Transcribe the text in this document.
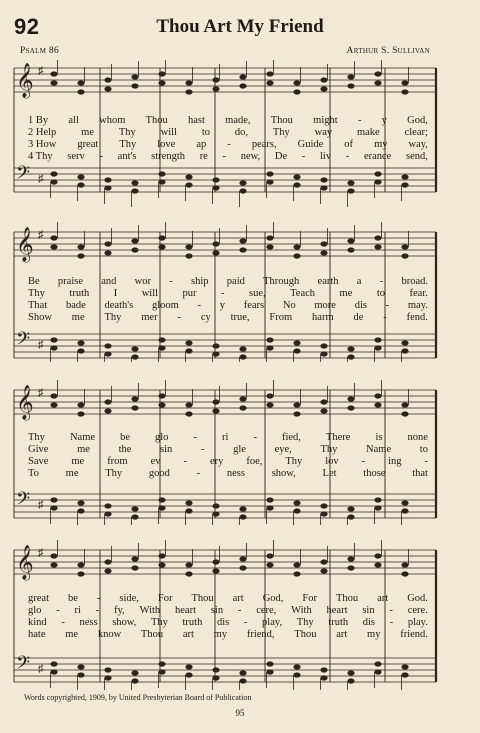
92	Thou Art My Friend
Psalm 86	Arthur S. Sullivan
𝄞 ♯
𝄢 ♯
1 By all whom Thou hast made, Thou might - y God,
2 Help me Thy will to do, Thy way make clear;
3 How great Thy love ap - pears, Guide of my way,
4 Thy serv - ant's strength re - new, De - liv - erance send,
𝄞 ♯
𝄢 ♯
Be praise and wor - ship paid Through earth a - broad.
Thy truth I will pur - sue, Teach me to fear.
That bade death's gloom - y fears No more dis - may.
Show me Thy mer - cy true, From harm de - fend.
𝄞 ♯
𝄢 ♯
Thy Name be glo - ri - fied, There is none
Give	me	the	sin	-	gle	eye,	Thy	Name	to
Save me from ev - ery foe, Thy lov - ing -
To	me	Thy	good	-	ness	show,	Let	those	that
𝄞 ♯
𝄢 ♯
great be - side, For Thou art God, For Thou art God.
glo - ri - fy, With heart sin - cere, With heart sin - cere.
kind - ness show, Thy truth dis - play, Thy truth dis - play.
hate me know Thou art my friend, Thou art my friend.
Words copyrighted, 1909, by United Presbyterian Board of Publication
95
